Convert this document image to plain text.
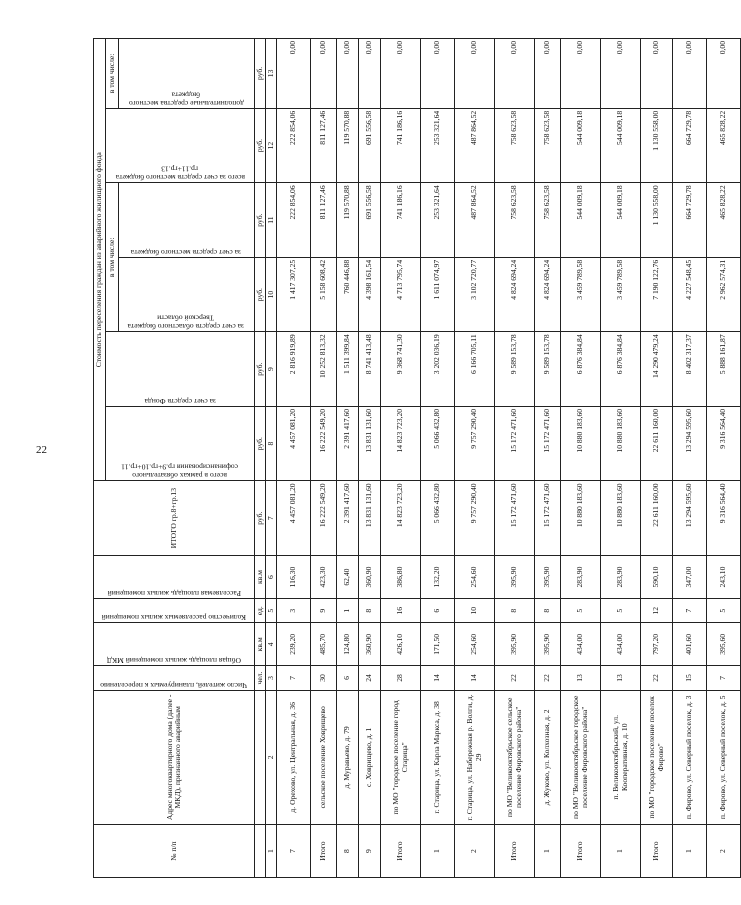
22
№ п/п	Адрес многоквартирного дома (далее - МКД), признанного аварийным	Число жителей, планируемых к переселению	Общая площадь жилых помещений МКД	Количество расселяемых жилых помещений	Расселяемая площадь жилых помещений	ИТОГО гр.8+гр.13	Стоимость переселения граждан из аварийного жилищного фонда					

							всего в рамках обязательного софинансирования гр.9+гр.10+гр.11	за счет средств Фонда	в том числе:		всего за счет средств местного бюджета гр.11+гр.13	в том числе:

									за счет средств областного бюджета Тверской области	за счет средств местного бюджета		дополнительные средства местного бюджета

		чел.	кв.м	ед.	кв.м	руб.	руб.	руб.	руб.	руб.	руб.	руб.
1	2	3	4	5	6	7	8	9	10	11	12	13
7	д. Орехово, ул. Центральная, д. 36	7	239,20	3	116,30	4 457 081,20	4 457 081,20	2 816 919,89	1 417 307,25	222 854,06	222 854,06	0,00
Итого	сельское поселение Ховрищево	30	485,70	9	423,30	16 222 549,20	16 222 549,20	10 252 813,32	5 158 608,42	811 127,46	811 127,46	0,00
8	д. Муравьево, д. 79	6	124,80	1	62,40	2 391 417,60	2 391 417,60	1 511 399,84	760 446,88	119 570,88	119 570,88	0,00
9	с. Ховрищево, д. 1	24	360,90	8	360,90	13 831 131,60	13 831 131,60	8 741 413,48	4 398 161,54	691 556,58	691 556,58	0,00
Итого	по МО "городское поселение город Старица"	28	426,10	16	386,80	14 823 723,20	14 823 723,20	9 368 741,30	4 713 795,74	741 186,16	741 186,16	0,00
1	г. Старица, ул. Карла Маркса, д. 38	14	171,50	6	132,20	5 066 432,80	5 066 432,80	3 202 036,19	1 611 074,97	253 321,64	253 321,64	0,00
2	г. Старица, ул. Набережная р. Волги, д. 29	14	254,60	10	254,60	9 757 290,40	9 757 290,40	6 166 705,11	3 102 720,77	487 864,52	487 864,52	0,00
Итого	по МО "Великооктябрьское сельское поселение Фировского района"	22	395,90	8	395,90	15 172 471,60	15 172 471,60	9 589 153,78	4 824 694,24	758 623,58	758 623,58	0,00
1	д. Жуково, ул. Колхозная, д. 2	22	395,90	8	395,90	15 172 471,60	15 172 471,60	9 589 153,78	4 824 694,24	758 623,58	758 623,58	0,00
Итого	по МО "Великооктябрьское городское поселение Фировского района"	13	434,00	5	283,90	10 880 183,60	10 880 183,60	6 876 384,84	3 459 789,58	544 009,18	544 009,18	0,00
1	п. Великооктябрьский, ул. Кооперативная, д. 10	13	434,00	5	283,90	10 880 183,60	10 880 183,60	6 876 384,84	3 459 789,58	544 009,18	544 009,18	0,00
Итого	по МО "городское поселение поселок Фирово"	22	797,20	12	590,10	22 611 160,00	22 611 160,00	14 290 479,24	7 190 122,76	1 130 558,00	1 130 558,00	0,00
1	п. Фирово, ул. Северный поселок, д. 3	15	401,60	7	347,00	13 294 595,60	13 294 595,60	8 402 317,37	4 227 548,45	664 729,78	664 729,78	0,00
2	п. Фирово, ул. Северный поселок, д. 5	7	395,60	5	243,10	9 316 564,40	9 316 564,40	5 888 161,87	2 962 574,31	465 828,22	465 828,22	0,00
